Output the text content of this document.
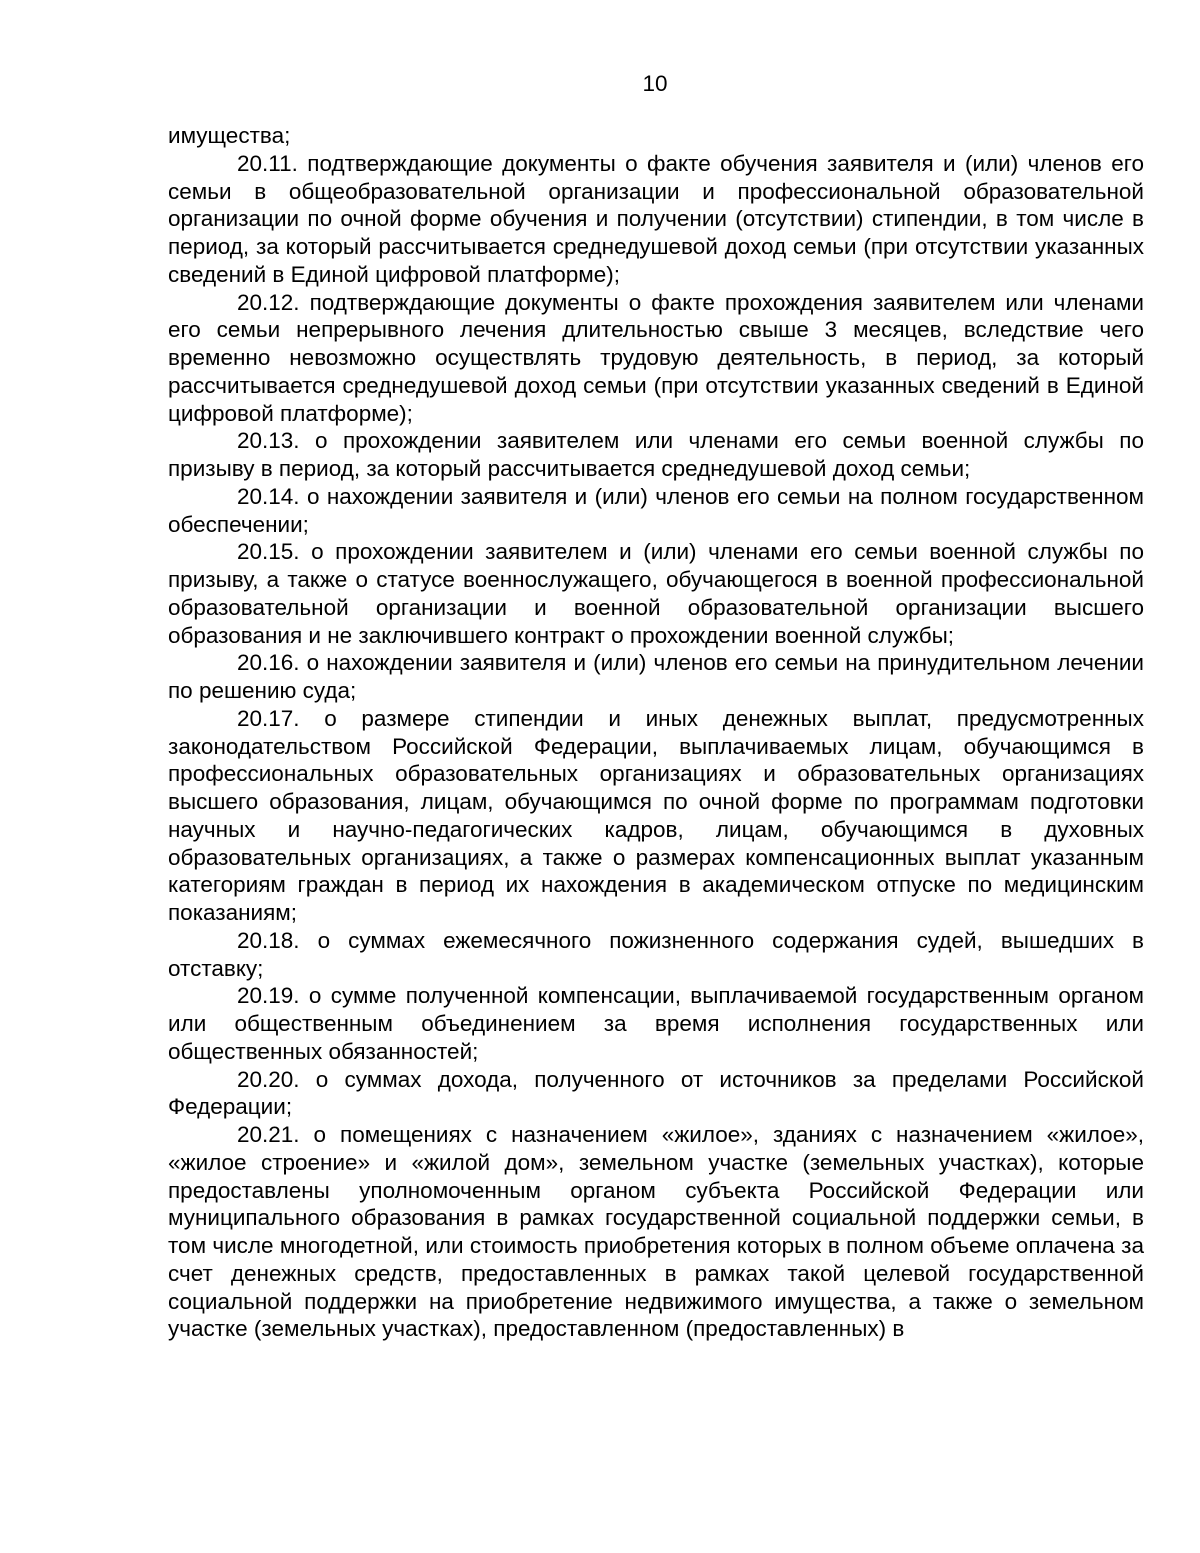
10

имущества;

20.11. подтверждающие документы о факте обучения заявителя и (или) членов его семьи в общеобразовательной организации и профессиональной образовательной организации по очной форме обучения и получении (отсутствии) стипендии, в том числе в период, за который рассчитывается среднедушевой доход семьи (при отсутствии указанных сведений в Единой цифровой платформе);

20.12. подтверждающие документы о факте прохождения заявителем или членами его семьи непрерывного лечения длительностью свыше 3 месяцев, вследствие чего временно невозможно осуществлять трудовую деятельность, в период, за который рассчитывается среднедушевой доход семьи (при отсутствии указанных сведений в Единой цифровой платформе);

20.13. о прохождении заявителем или членами его семьи военной службы по призыву в период, за который рассчитывается среднедушевой доход семьи;

20.14. о нахождении заявителя и (или) членов его семьи на полном государственном обеспечении;

20.15. о прохождении заявителем и (или) членами его семьи военной службы по призыву, а также о статусе военнослужащего, обучающегося в военной профессиональной образовательной организации и военной образовательной организации высшего образования и не заключившего контракт о прохождении военной службы;

20.16. о нахождении заявителя и (или) членов его семьи на принудительном лечении по решению суда;

20.17. о размере стипендии и иных денежных выплат, предусмотренных законодательством Российской Федерации, выплачиваемых лицам, обучающимся в профессиональных образовательных организациях и образовательных организациях высшего образования, лицам, обучающимся по очной форме по программам подготовки научных и научно-педагогических кадров, лицам, обучающимся в духовных образовательных организациях, а также о размерах компенсационных выплат указанным категориям граждан в период их нахождения в академическом отпуске по медицинским показаниям;

20.18. о суммах ежемесячного пожизненного содержания судей, вышедших в отставку;

20.19. о сумме полученной компенсации, выплачиваемой государственным органом или общественным объединением за время исполнения государственных или общественных обязанностей;

20.20. о суммах дохода, полученного от источников за пределами Российской Федерации;

20.21. о помещениях с назначением «жилое», зданиях с назначением «жилое», «жилое строение» и «жилой дом», земельном участке (земельных участках), которые предоставлены уполномоченным органом субъекта Российской Федерации или муниципального образования в рамках государственной социальной поддержки семьи, в том числе многодетной, или стоимость приобретения которых в полном объеме оплачена за счет денежных средств, предоставленных в рамках такой целевой государственной социальной поддержки на приобретение недвижимого имущества, а также о земельном участке (земельных участках), предоставленном (предоставленных) в
